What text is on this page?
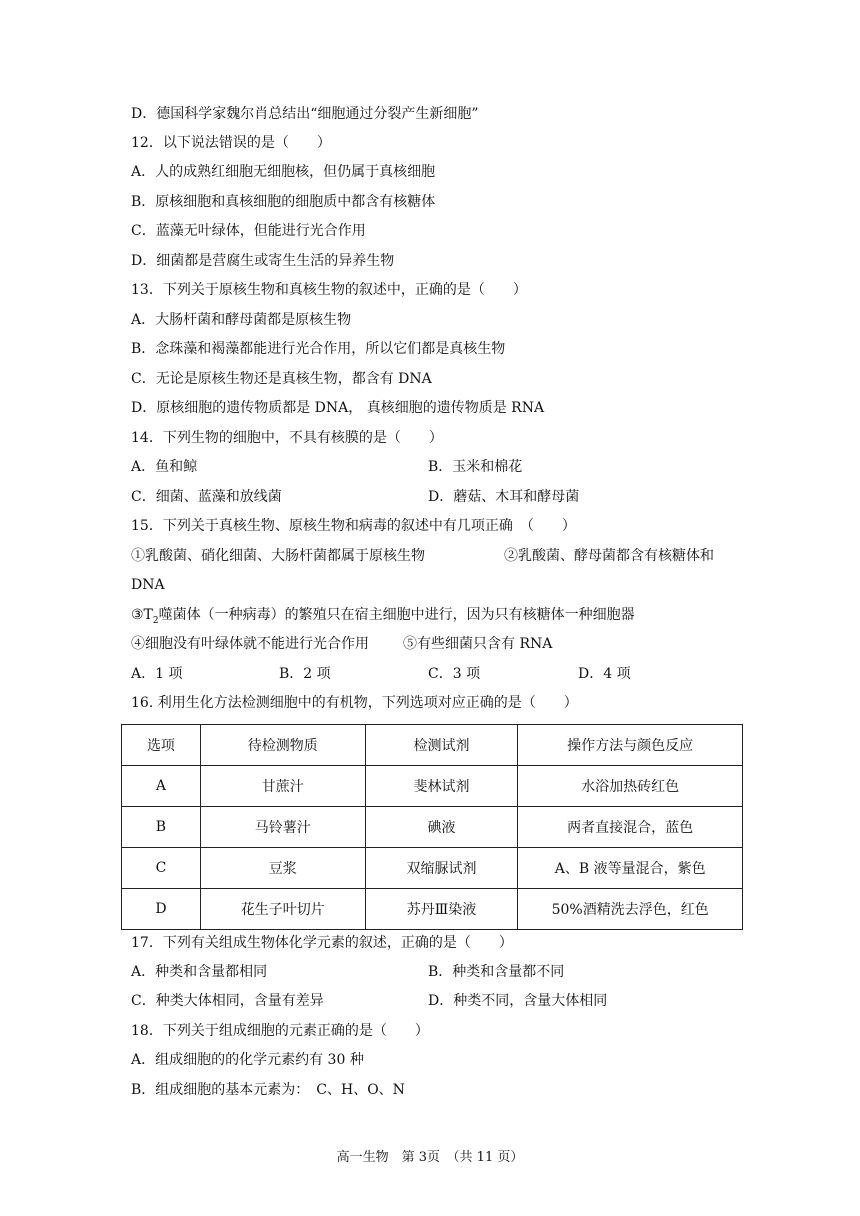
D．德国科学家魏尔肖总结出“细胞通过分裂产生新细胞”
12．以下说法错误的是（　　）
A．人的成熟红细胞无细胞核，但仍属于真核细胞
B．原核细胞和真核细胞的细胞质中都含有核糖体
C．蓝藻无叶绿体，但能进行光合作用
D．细菌都是营腐生或寄生生活的异养生物
13．下列关于原核生物和真核生物的叙述中，正确的是（　　）
A．大肠杆菌和酵母菌都是原核生物
B．念珠藻和褐藻都能进行光合作用，所以它们都是真核生物
C．无论是原核生物还是真核生物，都含有 DNA
D．原核细胞的遗传物质都是 DNA， 真核细胞的遗传物质是 RNA
14．下列生物的细胞中，不具有核膜的是（　　）
A．鱼和鲸	B．玉米和棉花
C．细菌、蓝藻和放线菌	D．蘑菇、木耳和酵母菌
15．下列关于真核生物、原核生物和病毒的叙述中有几项正确　（　　）
①乳酸菌、硝化细菌、大肠杆菌都属于原核生物	②乳酸菌、酵母菌都含有核糖体和
DNA
$③T_2$噬菌体（一种病毒）的繁殖只在宿主细胞中进行，因为只有核糖体一种细胞器
④细胞没有叶绿体就不能进行光合作用 ⑤有些细菌只含有 RNA
A．1 项	B．2 项	C．3 项	D．4 项
16. 利用生化方法检测细胞中的有机物，下列选项对应正确的是（　　）
选项	待检测物质	检测试剂	操作方法与颜色反应
A	甘蔗汁	斐林试剂	水浴加热砖红色
B	马铃薯汁	碘液	两者直接混合，蓝色
C	豆浆	双缩脲试剂	A、B 液等量混合，紫色
D	花生子叶切片	苏丹Ⅲ染液	50%酒精洗去浮色，红色
17．下列有关组成生物体化学元素的叙述，正确的是（　　）
A．种类和含量都相同	B．种类和含量都不同
C．种类大体相同，含量有差异	D．种类不同，含量大体相同
18．下列关于组成细胞的元素正确的是（　　）
A．组成细胞的的化学元素约有 30 种
B．组成细胞的基本元素为：　C、H、O、N
高一生物　第 3页　（共 11 页）
